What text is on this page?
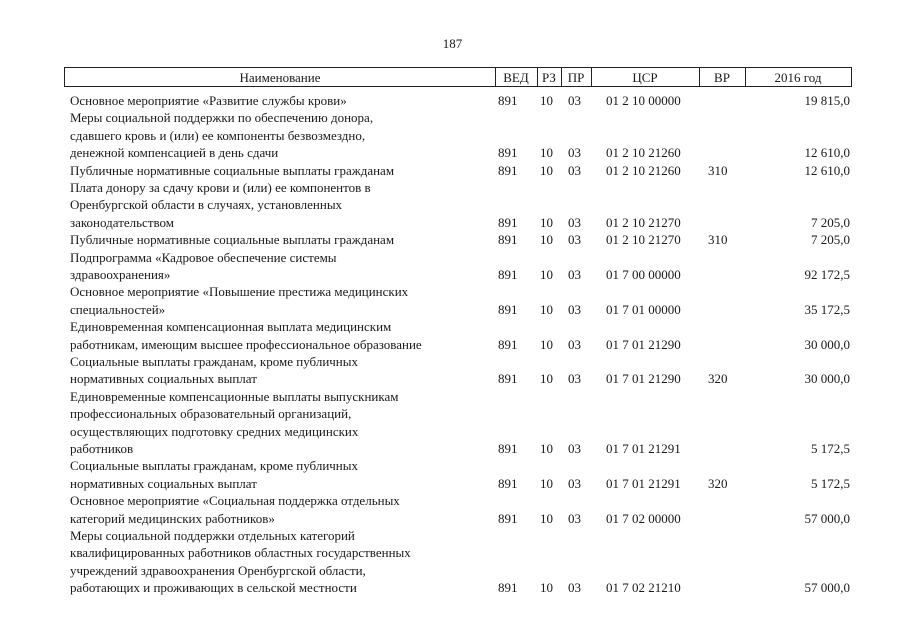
187
Наименование	ВЕД	РЗ ПР	ЦСР	ВР	2016 год
Основное мероприятие «Развитие службы крови»	891	10	03	01 2 10 00000	19 815,0
Меры социальной поддержки по обеспечению донора,
сдавшего кровь и (или) ее компоненты безвозмездно,
денежной компенсацией в день сдачи	891	10	03	01 2 10 21260	12 610,0
Публичные нормативные социальные выплаты гражданам	891	10	03	01 2 10 21260	310	12 610,0
Плата донору за сдачу крови и (или) ее компонентов в
Оренбургской области в случаях, установленных
законодательством	891	10	03	01 2 10 21270	7 205,0
Публичные нормативные социальные выплаты гражданам	891	10	03	01 2 10 21270	310	7 205,0
Подпрограмма «Кадровое обеспечение системы
здравоохранения»	891	10	03	01 7 00 00000	92 172,5
Основное мероприятие «Повышение престижа медицинских
специальностей»	891	10	03	01 7 01 00000	35 172,5
Единовременная компенсационная выплата медицинским
работникам, имеющим высшее профессиональное образование	891	10	03	01 7 01 21290	30 000,0
Социальные выплаты гражданам, кроме публичных
нормативных социальных выплат	891	10	03	01 7 01 21290	320	30 000,0
Единовременные компенсационные выплаты выпускникам
профессиональных образовательный организаций,
осуществляющих подготовку средних медицинских
работников	891	10	03	01 7 01 21291	5 172,5
Социальные выплаты гражданам, кроме публичных
нормативных социальных выплат	891	10	03	01 7 01 21291	320	5 172,5
Основное мероприятие «Социальная поддержка отдельных
категорий медицинских работников»	891	10	03	01 7 02 00000	57 000,0
Меры социальной поддержки отдельных категорий
квалифицированных работников областных государственных
учреждений здравоохранения Оренбургской области,
работающих и проживающих в сельской местности	891	10	03	01 7 02 21210	57 000,0
